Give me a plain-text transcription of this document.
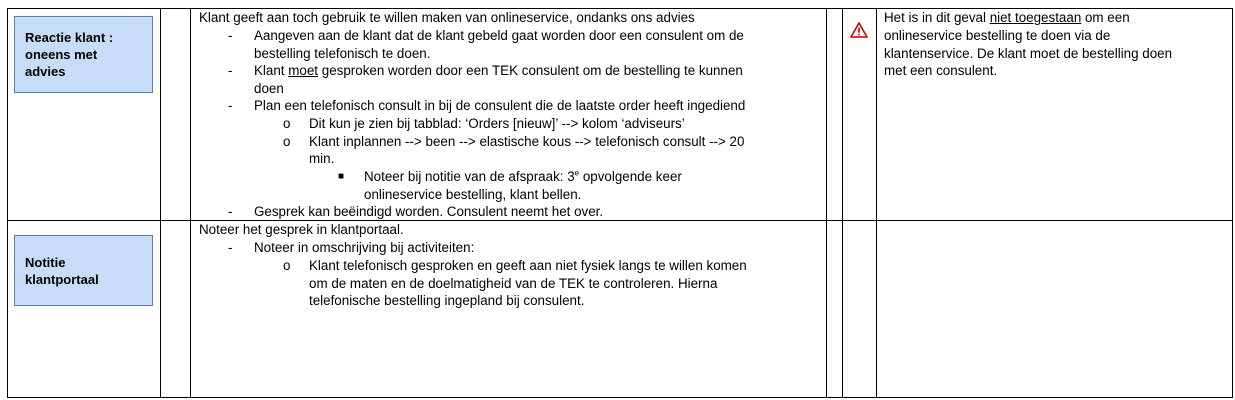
Reactie klant :
oneens met
advies
Klant geeft aan toch gebruik te willen maken van onlineservice, ondanks ons advies
- Aangeven aan de klant dat de klant gebeld gaat worden door een consulent om de
bestelling telefonisch te doen.
- Klant moet gesproken worden door een TEK consulent om de bestelling te kunnen
doen
- Plan een telefonisch consult in bij de consulent die de laatste order heeft ingediend
o Dit kun je zien bij tabblad: ‘Orders [nieuw]’ --> kolom ‘adviseurs’
o Klant inplannen --> been --> elastische kous --> telefonisch consult --> 20
min.
■ Noteer bij notitie van de afspraak: 3e opvolgende keer
onlineservice bestelling, klant bellen.
- Gesprek kan beëindigd worden. Consulent neemt het over.
Het is in dit geval niet toegestaan om een
onlineservice bestelling te doen via de
klantenservice. De klant moet de bestelling doen
met een consulent.
Notitie
klantportaal
Noteer het gesprek in klantportaal.
- Noteer in omschrijving bij activiteiten:
o Klant telefonisch gesproken en geeft aan niet fysiek langs te willen komen
om de maten en de doelmatigheid van de TEK te controleren. Hierna
telefonische bestelling ingepland bij consulent.
